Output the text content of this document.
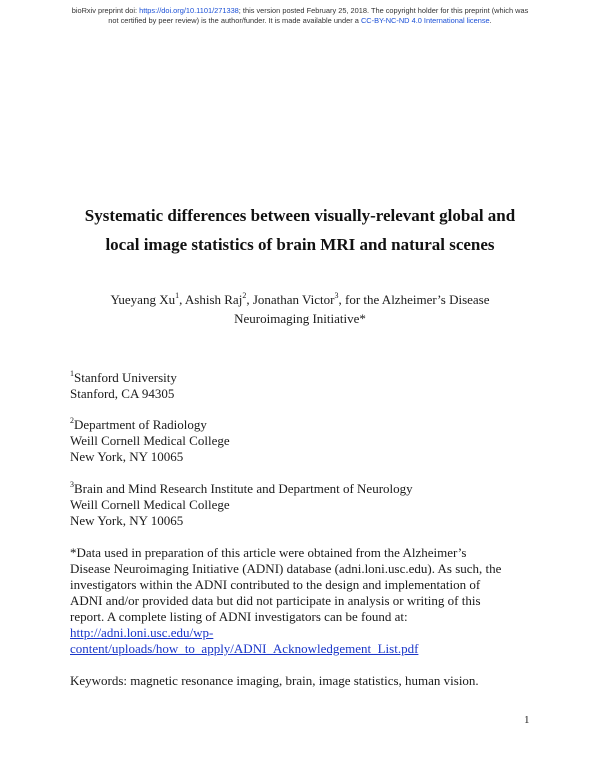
bioRxiv preprint doi: https://doi.org/10.1101/271338; this version posted February 25, 2018. The copyright holder for this preprint (which was
not certified by peer review) is the author/funder. It is made available under a CC-BY-NC-ND 4.0 International license.
Systematic differences between visually-relevant global and
local image statistics of brain MRI and natural scenes
Yueyang Xu$^1$, Ashish Raj$^2$, Jonathan Victor$^3$, for the Alzheimer’s Disease
Neuroimaging Initiative*
$^1$Stanford University
Stanford, CA 94305
$^2$Department of Radiology
Weill Cornell Medical College
New York, NY 10065
$^3$Brain and Mind Research Institute and Department of Neurology
Weill Cornell Medical College
New York, NY 10065
*Data used in preparation of this article were obtained from the Alzheimer’s
Disease Neuroimaging Initiative (ADNI) database (adni.loni.usc.edu). As such, the
investigators within the ADNI contributed to the design and implementation of
ADNI and/or provided data but did not participate in analysis or writing of this
report. A complete listing of ADNI investigators can be found at:
http://adni.loni.usc.edu/wp-
content/uploads/how_to_apply/ADNI_Acknowledgement_List.pdf
Keywords: magnetic resonance imaging, brain, image statistics, human vision.
1
